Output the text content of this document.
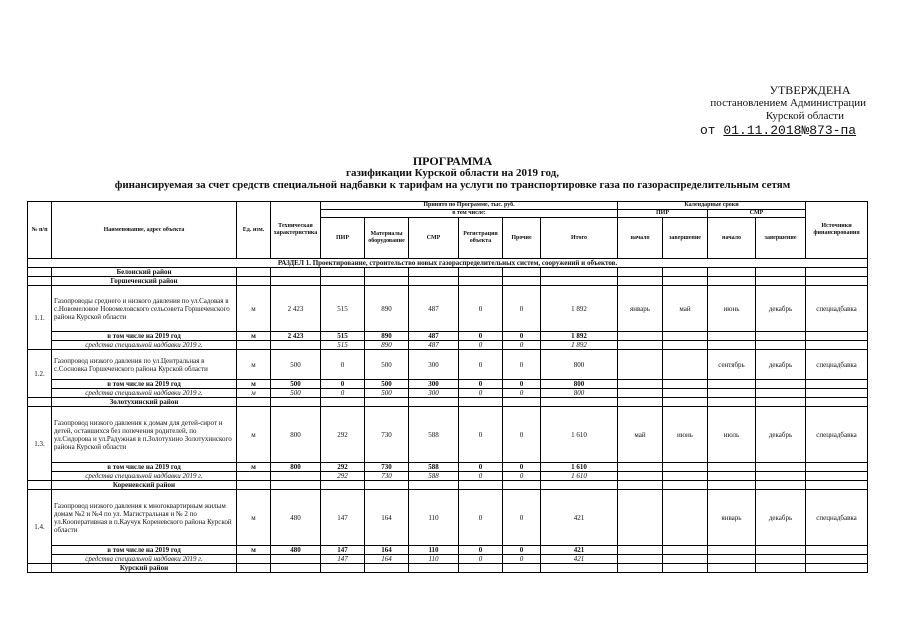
УТВЕРЖДЕНА
постановлением Администрации
Курской области
от 01.11.2018№873-па
ПРОГРАММА
газификации Курской области на 2019 год,
финансируемая за счет средств специальной надбавки к тарифам на услуги по транспортировке газа по газораспределительным сетям
№ п/п	Наименование, адрес объекта	Ед. изм.	Техническая характеристика	Принято по Программе, тыс. руб.						Календарные сроки				Источники финансирования
				в том числе:						ПИР		СМР		
				ПИР	Материалы оборудование	СМР	Регистрация объекта	Прочие	Итого	начало	завершение	начало	завершение	
РАЗДЕЛ 1. Проектирование, строительство новых газораспределительных систем, сооружений и объектов.														
	Белоиский район													
	Горшеченский район													
1.1.	Газопроводы среднего и низкого давления по ул.Садовая в с.Новомеловое Новомеловского сельсовета Горшеченского района Курской области	м	2 423	515	890	487	0	0	1 892	январь	май	июнь	декабрь	спецнадбавка
	в том числе на 2019 год	м	2 423	515	890	487	0	0	1 892					
	средства специальной надбавки 2019 г.			515	890	487	0	0	1 892					
1.2.	Газопровод низкого давления по ул.Центральная в с.Сосновка Горшеченского района Курской области	м	500	0	500	300	0	0	800			сентябрь	декабрь	спецнадбавка
	в том числе на 2019 год	м	500	0	500	300	0	0	800					
	средства специальной надбавки 2019 г.	м	500	0	500	300	0	0	800					
	Золотухинский район													
1.3.	Газопровод низкого давления к домам для детей-сирот и детей, оставшихся без попечения родителей, по ул.Сидорова и ул.Радужная в п.Золотухино Золотухинского района Курской области	м	800	292	730	588	0	0	1 610	май	июнь	июль	декабрь	спецнадбавка
	в том числе на 2019 год	м	800	292	730	588	0	0	1 610					
	средства специальной надбавки 2019 г.			292	730	588	0	0	1 610					
	Кореневский район													
1.4.	Газопровод низкого давления к многоквартирным жилым домам №2 и №4 по ул. Магистральная и № 2 по ул.Кооперативная в п.Каучук Кореневского района Курской области	м	480	147	164	110	0	0	421			январь	декабрь	спецнадбавка
	в том числе на 2019 год	м	480	147	164	110	0	0	421					
	средства специальной надбавки 2019 г.			147	164	110	0	0	421					
	Курский район													
